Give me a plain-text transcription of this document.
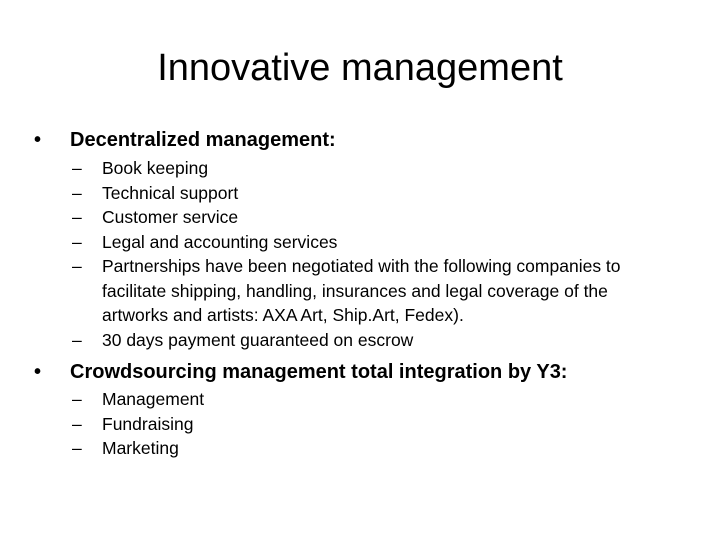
Innovative management
•	Decentralized management:
–	Book keeping
–	Technical support
–	Customer service
–	Legal and accounting services
–	Partnerships have been negotiated with the following companies to facilitate shipping, handling, insurances and legal coverage of the artworks and artists: AXA Art, Ship.Art, Fedex).
–	30 days payment guaranteed on escrow
•	Crowdsourcing management total integration by Y3:
–	Management
–	Fundraising
–	Marketing
